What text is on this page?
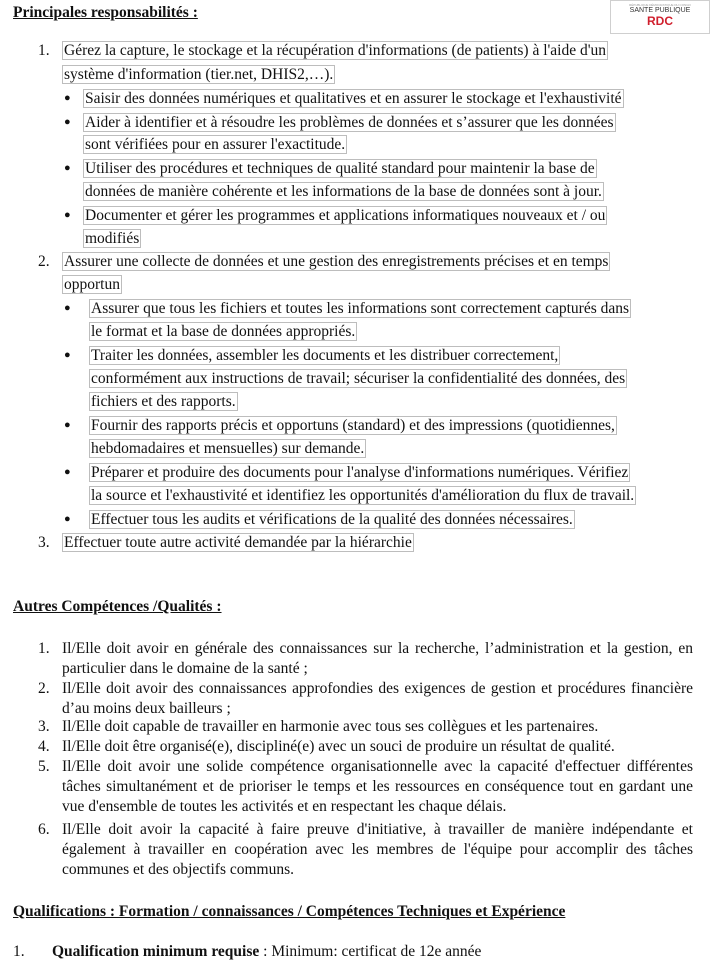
RÉPUBLIQUE DÉMOCRATIQUE DU CONGO
SANTE PUBLIQUE
RDC
Principales responsabilités :
1. Gérez la capture, le stockage et la récupération d'informations (de patients) à l'aide d'un
système d'information (tier.net, DHIS2,…).
● Saisir des données numériques et qualitatives et en assurer le stockage et l'exhaustivité
● Aider à identifier et à résoudre les problèmes de données et s’assurer que les données
sont vérifiées pour en assurer l'exactitude.
● Utiliser des procédures et techniques de qualité standard pour maintenir la base de
données de manière cohérente et les informations de la base de données sont à jour.
● Documenter et gérer les programmes et applications informatiques nouveaux et / ou
modifiés
2. Assurer une collecte de données et une gestion des enregistrements précises et en temps
opportun
● Assurer que tous les fichiers et toutes les informations sont correctement capturés dans
le format et la base de données appropriés.
● Traiter les données, assembler les documents et les distribuer correctement,
conformément aux instructions de travail; sécuriser la confidentialité des données, des
fichiers et des rapports.
● Fournir des rapports précis et opportuns (standard) et des impressions (quotidiennes,
hebdomadaires et mensuelles) sur demande.
● Préparer et produire des documents pour l'analyse d'informations numériques. Vérifiez
la source et l'exhaustivité et identifiez les opportunités d'amélioration du flux de travail.
● Effectuer tous les audits et vérifications de la qualité des données nécessaires.
3. Effectuer toute autre activité demandée par la hiérarchie
Autres Compétences /Qualités :
1. Il/Elle doit avoir en générale des connaissances sur la recherche, l’administration et la gestion, en particulier dans le domaine de la santé ;
2. Il/Elle doit avoir des connaissances approfondies des exigences de gestion et procédures financière d’au moins deux bailleurs ;
3. Il/Elle doit capable de travailler en harmonie avec tous ses collègues et les partenaires.
4. Il/Elle doit être organisé(e), discipliné(e) avec un souci de produire un résultat de qualité.
5. Il/Elle doit avoir une solide compétence organisationnelle avec la capacité d'effectuer différentes tâches simultanément et de prioriser le temps et les ressources en conséquence tout en gardant une vue d'ensemble de toutes les activités et en respectant les chaque délais.
6. Il/Elle doit avoir la capacité à faire preuve d'initiative, à travailler de manière indépendante et également à travailler en coopération avec les membres de l'équipe pour accomplir des tâches communes et des objectifs communs.
Qualifications : Formation / connaissances / Compétences Techniques et Expérience
1. Qualification minimum requise : Minimum: certificat de 12e année
